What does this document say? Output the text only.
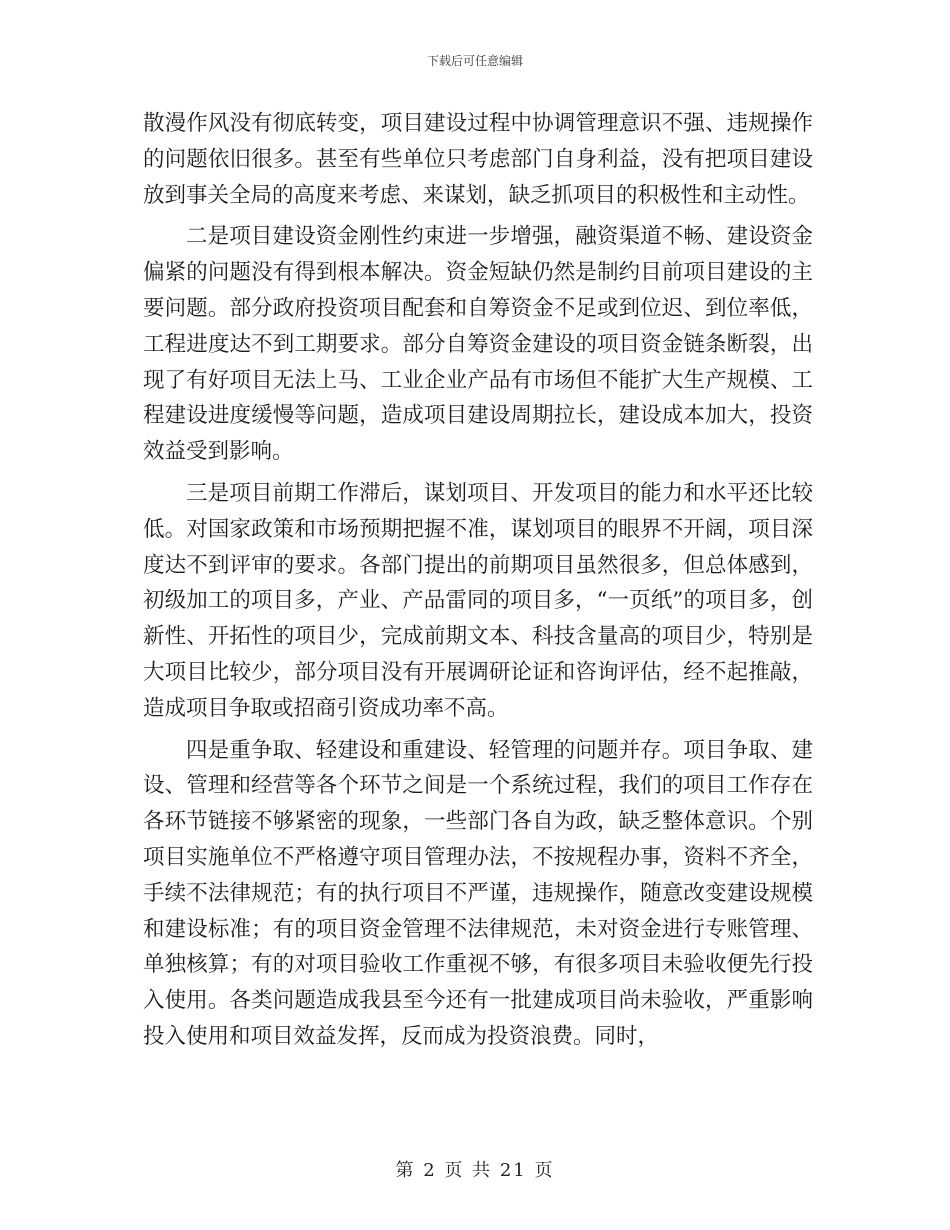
下载后可任意编辑

散漫作风没有彻底转变，项目建设过程中协调管理意识不强、违规操作的问题依旧很多。甚至有些单位只考虑部门自身利益，没有把项目建设放到事关全局的高度来考虑、来谋划，缺乏抓项目的积极性和主动性。

二是项目建设资金刚性约束进一步增强，融资渠道不畅、建设资金偏紧的问题没有得到根本解决。资金短缺仍然是制约目前项目建设的主要问题。部分政府投资项目配套和自筹资金不足或到位迟、到位率低，工程进度达不到工期要求。部分自筹资金建设的项目资金链条断裂，出现了有好项目无法上马、工业企业产品有市场但不能扩大生产规模、工程建设进度缓慢等问题，造成项目建设周期拉长，建设成本加大，投资效益受到影响。

三是项目前期工作滞后，谋划项目、开发项目的能力和水平还比较低。对国家政策和市场预期把握不准，谋划项目的眼界不开阔，项目深度达不到评审的要求。各部门提出的前期项目虽然很多，但总体感到，初级加工的项目多，产业、产品雷同的项目多，“一页纸”的项目多，创新性、开拓性的项目少，完成前期文本、科技含量高的项目少，特别是大项目比较少，部分项目没有开展调研论证和咨询评估，经不起推敲，造成项目争取或招商引资成功率不高。

四是重争取、轻建设和重建设、轻管理的问题并存。项目争取、建设、管理和经营等各个环节之间是一个系统过程，我们的项目工作存在各环节链接不够紧密的现象，一些部门各自为政，缺乏整体意识。个别项目实施单位不严格遵守项目管理办法，不按规程办事，资料不齐全，手续不法律规范；有的执行项目不严谨，违规操作，随意改变建设规模和建设标准；有的项目资金管理不法律规范，未对资金进行专账管理、单独核算；有的对项目验收工作重视不够，有很多项目未验收便先行投入使用。各类问题造成我县至今还有一批建成项目尚未验收，严重影响投入使用和项目效益发挥，反而成为投资浪费。同时，

第 2 页 共 21 页
